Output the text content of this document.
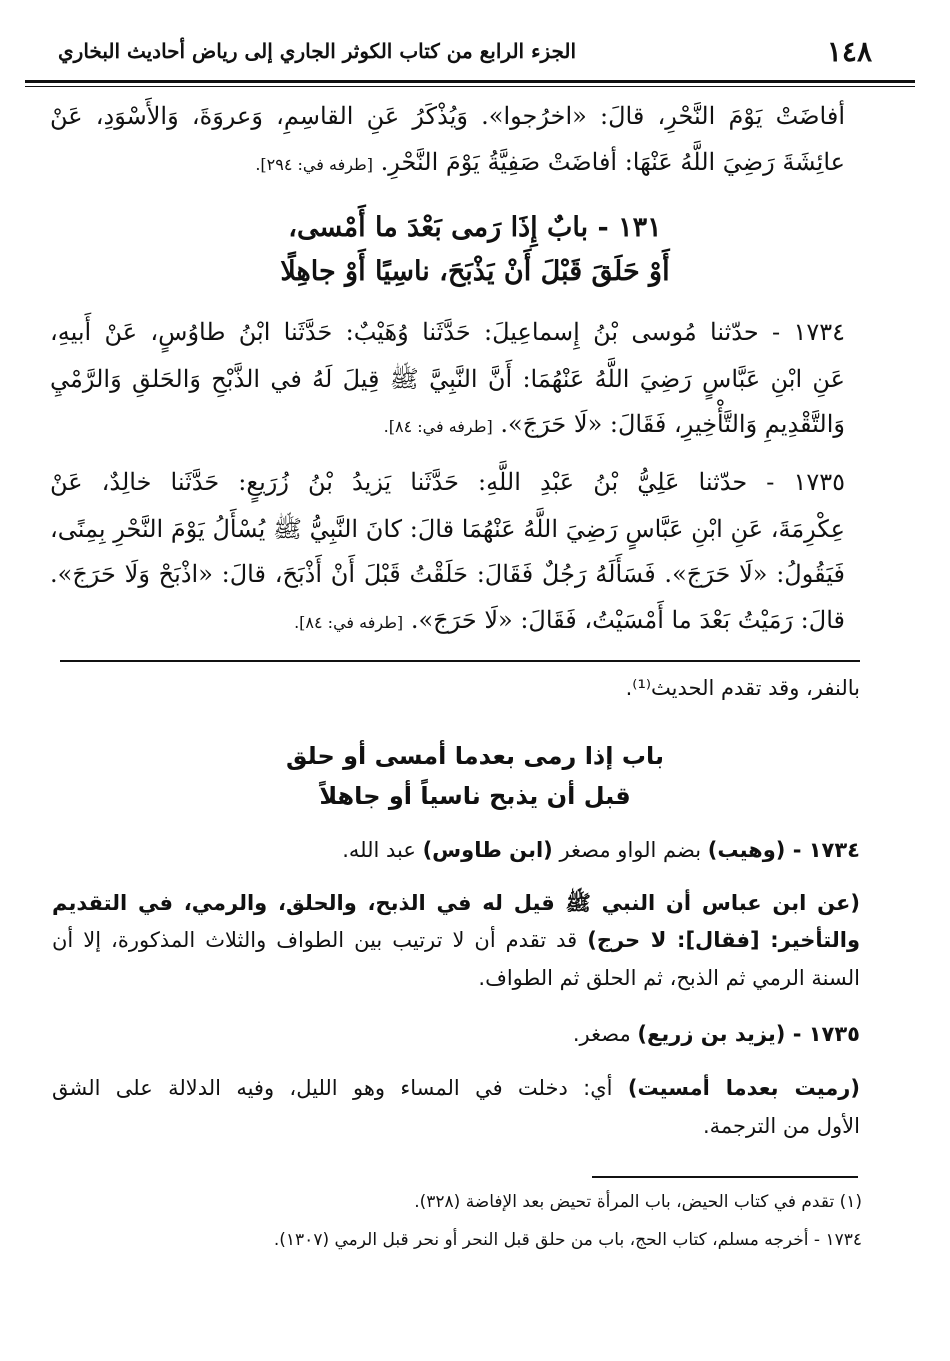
١٤٨
الجزء الرابع من كتاب الكوثر الجاري إلى رياض أحاديث البخاري
أفاضَتْ يَوْمَ النَّحْرِ، قالَ: «اخرُجوا». وَيُذْكَرُ عَنِ القاسِمِ، وَعروَةَ، وَالأَسْوَدِ، عَنْ
عائِشَةَ رَضِيَ اللَّهُ عَنْهَا: أفاضَتْ صَفِيَّةُ يَوْمَ النَّحْرِ. [طرفه في: ٢٩٤].
١٣١ - بابٌ إِذَا رَمى بَعْدَ ما أَمْسى،
أَوْ حَلَقَ قَبْلَ أَنْ يَذْبَحَ، ناسِيًا أَوْ جاهِلًا
١٧٣٤ - حدّثنا مُوسى بْنُ إِسماعِيلَ: حَدَّثَنا وُهَيْبٌ: حَدَّثَنا ابْنُ طاوُسٍ، عَنْ أَبيهِ،
عَنِ ابْنِ عَبَّاسٍ رَضِيَ اللَّهُ عَنْهُمَا: أَنَّ النَّبِيَّ ﷺ قِيلَ لَهُ في الذَّبْحِ وَالحَلقِ وَالرَّمْيِ
وَالتَّقْدِيمِ وَالتَّأْخِيرِ، فَقَالَ: «لَا حَرَجَ». [طرفه في: ٨٤].
١٧٣٥ - حدّثنا عَلِيُّ بْنُ عَبْدِ اللَّهِ: حَدَّثَنا يَزيدُ بْنُ زُرَيعٍ: حَدَّثَنا خالِدٌ، عَنْ
عِكْرِمَةَ، عَنِ ابْنِ عَبَّاسٍ رَضِيَ اللَّهُ عَنْهُمَا قالَ: كانَ النَّبِيُّ ﷺ يُسْأَلُ يَوْمَ النَّحْرِ بِمِنًى،
فَيَقُولُ: «لَا حَرَجَ». فَسَأَلَهُ رَجُلٌ فَقَالَ: حَلَقْتُ قَبْلَ أَنْ أَذْبَحَ، قالَ: «اذْبَحْ وَلَا حَرَجَ».
قالَ: رَمَيْتُ بَعْدَ ما أَمْسَيْتُ، فَقَالَ: «لَا حَرَجَ». [طرفه في: ٨٤].
بالنفر، وقد تقدم الحديث⁽¹⁾.
باب إذا رمى بعدما أمسى أو حلق
قبل أن يذبح ناسياً أو جاهلاً
١٧٣٤ - (وهيب) بضم الواو مصغر (ابن طاوس) عبد الله.
(عن ابن عباس أن النبي ﷺ قيل له في الذبح، والحلق، والرمي، في التقديم
والتأخير: [فقال]: لا حرج) قد تقدم أن لا ترتيب بين الطواف والثلاث المذكورة، إلا أن
السنة الرمي ثم الذبح، ثم الحلق ثم الطواف.
١٧٣٥ - (يزيد بن زريع) مصغر.
(رميت بعدما أمسيت) أي: دخلت في المساء وهو الليل، وفيه الدلالة على الشق
الأول من الترجمة.
(١) تقدم في كتاب الحيض، باب المرأة تحيض بعد الإفاضة (٣٢٨).
١٧٣٤ - أخرجه مسلم، كتاب الحج، باب من حلق قبل النحر أو نحر قبل الرمي (١٣٠٧).
